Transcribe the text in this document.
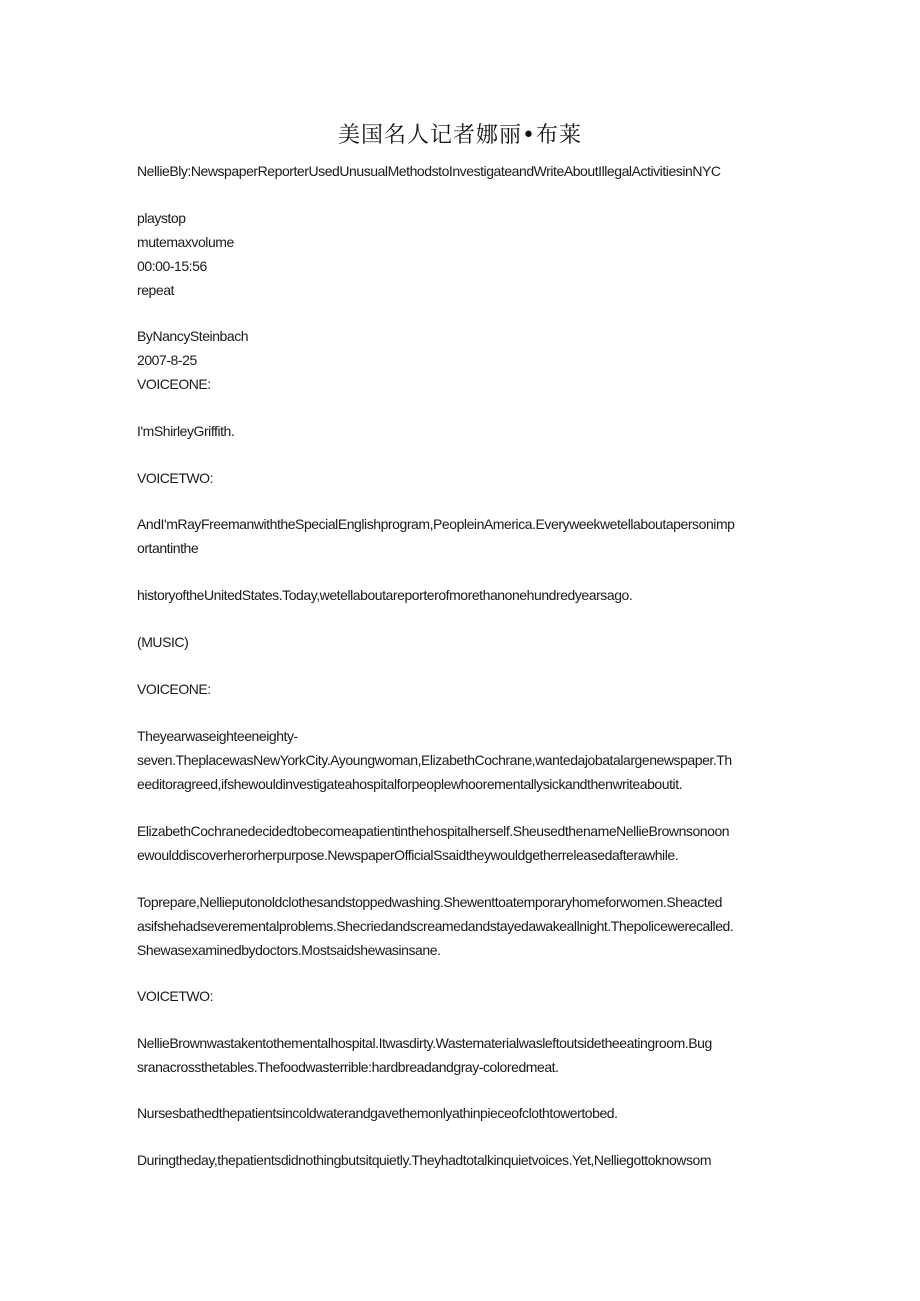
美国名人记者娜丽•布莱
NellieBly:NewspaperReporterUsedUnusualMethodstoInvestigateandWriteAboutIllegalActivitiesinNYC
playstop
mutemaxvolume
00:00-15:56
repeat
ByNancySteinbach
2007-8-25
VOICEONE:
I'mShirleyGriffith.
VOICETWO:
AndI'mRayFreemanwiththeSpecialEnglishprogram,PeopleinAmerica.Everyweekwetellaboutapersonimp
ortantinthe
historyoftheUnitedStates.Today,wetellaboutareporterofmorethanonehundredyearsago.
(MUSIC)
VOICEONE:
Theyearwaseighteeneighty-
seven.TheplacewasNewYorkCity.Ayoungwoman,ElizabethCochrane,wantedajobatalargenewspaper.Th
eeditoragreed,ifshewouldinvestigateahospitalforpeoplewhoorementallysickandthenwriteaboutit.
ElizabethCochranedecidedtobecomeapatientinthehospitalherself.SheusedthenameNellieBrownsonoon
ewoulddiscoverherorherpurpose.NewspaperOfficialSsaidtheywouldgetherreleasedafterawhile.
Toprepare,Nellieputonoldclothesandstoppedwashing.Shewenttoatemporaryhomeforwomen.Sheacted
asifshehadseverementalproblems.Shecriedandscreamedandstayedawakeallnight.Thepolicewerecalled.
Shewasexaminedbydoctors.Mostsaidshewasinsane.
VOICETWO:
NellieBrownwastakentothementalhospital.Itwasdirty.Wastematerialwasleftoutsidetheeatingroom.Bug
sranacrossthetables.Thefoodwasterrible:hardbreadandgray-coloredmeat.
Nursesbathedthepatientsincoldwaterandgavethemonlyathinpieceofclothtowertobed.
Duringtheday,thepatientsdidnothingbutsitquietly.Theyhadtotalkinquietvoices.Yet,Nelliegottoknowsom
